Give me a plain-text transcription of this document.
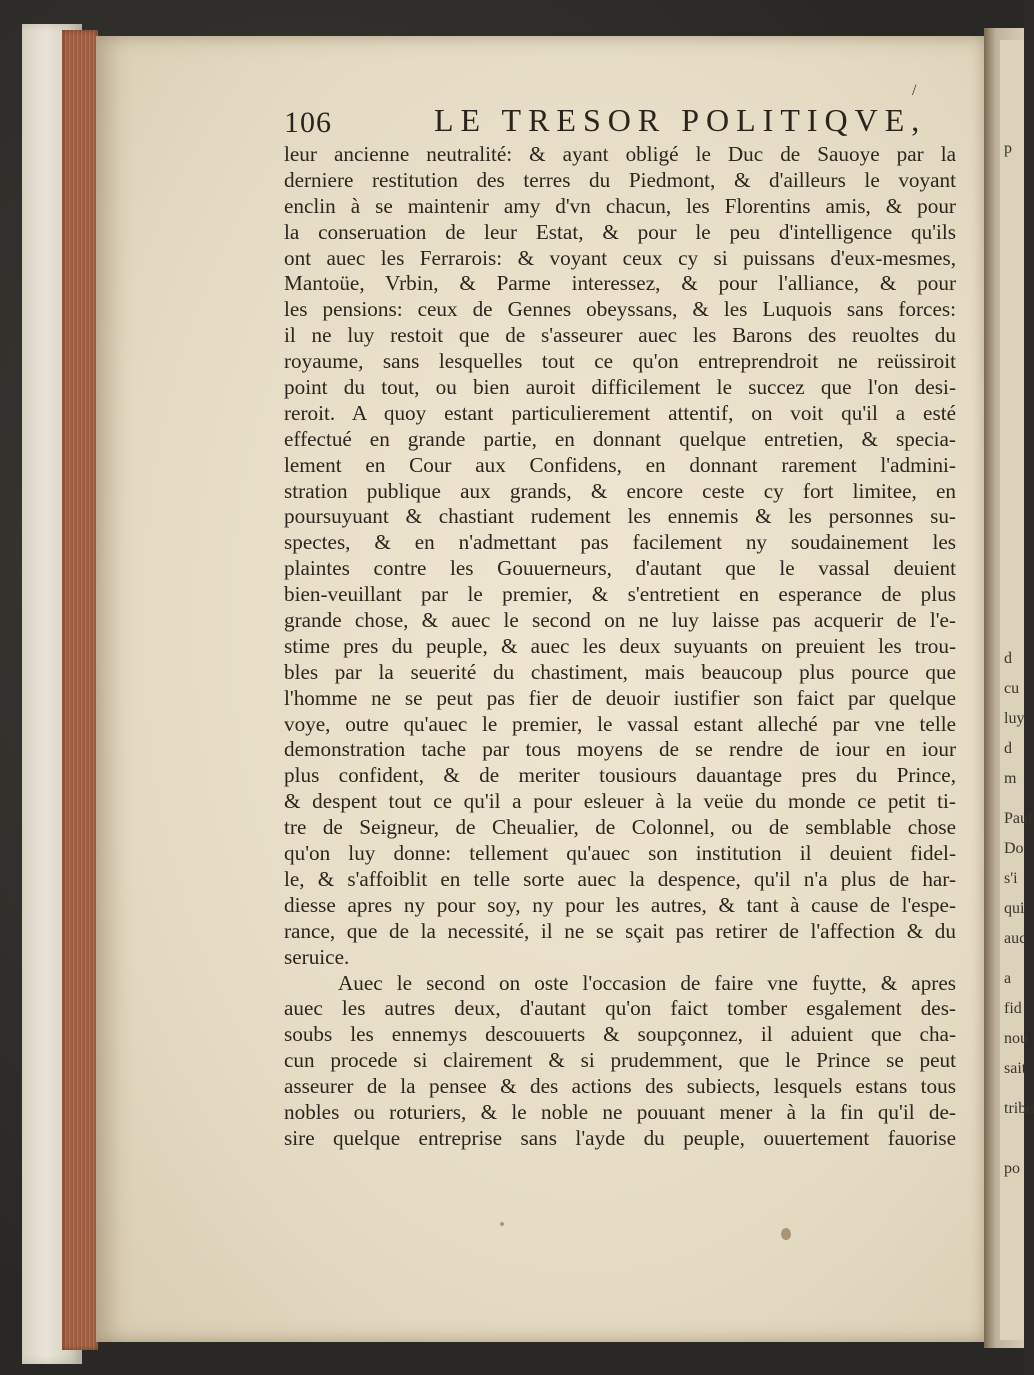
p
d
cu
luy
d
m
Paul
Do
s'i
qui
auc
a
fid
nou
sait
tribu
po
106	LE TRESOR POLITIQVE,
leur ancienne neutralité: & ayant obligé le Duc de Sauoye par la
derniere restitution des terres du Piedmont, & d'ailleurs le voyant
enclin à se maintenir amy d'vn chacun, les Florentins amis, & pour
la conseruation de leur Estat, & pour le peu d'intelligence qu'ils
ont auec les Ferrarois: & voyant ceux cy si puissans d'eux-mesmes,
Mantoüe, Vrbin, & Parme interessez, & pour l'alliance, & pour
les pensions: ceux de Gennes obeyssans, & les Luquois sans forces:
il ne luy restoit que de s'asseurer auec les Barons des reuoltes du
royaume, sans lesquelles tout ce qu'on entreprendroit ne reüssiroit
point du tout, ou bien auroit difficilement le succez que l'on desi-
reroit. A quoy estant particulierement attentif, on voit qu'il a esté
effectué en grande partie, en donnant quelque entretien, & specia-
lement en Cour aux Confidens, en donnant rarement l'admini-
stration publique aux grands, & encore ceste cy fort limitee, en
poursuyuant & chastiant rudement les ennemis & les personnes su-
spectes, & en n'admettant pas facilement ny soudainement les
plaintes contre les Gouuerneurs, d'autant que le vassal deuient
bien-veuillant par le premier, & s'entretient en esperance de plus
grande chose, & auec le second on ne luy laisse pas acquerir de l'e-
stime pres du peuple, & auec les deux suyuants on preuient les trou-
bles par la seuerité du chastiment, mais beaucoup plus pource que
l'homme ne se peut pas fier de deuoir iustifier son faict par quelque
voye, outre qu'auec le premier, le vassal estant alleché par vne telle
demonstration tache par tous moyens de se rendre de iour en iour
plus confident, & de meriter tousiours dauantage pres du Prince,
& despent tout ce qu'il a pour esleuer à la veüe du monde ce petit ti-
tre de Seigneur, de Cheualier, de Colonnel, ou de semblable chose
qu'on luy donne: tellement qu'auec son institution il deuient fidel-
le, & s'affoiblit en telle sorte auec la despence, qu'il n'a plus de har-
diesse apres ny pour soy, ny pour les autres, & tant à cause de l'espe-
rance, que de la necessité, il ne se sçait pas retirer de l'affection & du
seruice.
Auec le second on oste l'occasion de faire vne fuytte, & apres
auec les autres deux, d'autant qu'on faict tomber esgalement des-
soubs les ennemys descouuerts & soupçonnez, il aduient que cha-
cun procede si clairement & si prudemment, que le Prince se peut
asseurer de la pensee & des actions des subiects, lesquels estans tous
nobles ou roturiers, & le noble ne pouuant mener à la fin qu'il de-
sire quelque entreprise sans l'ayde du peuple, ouuertement fauorise
/
